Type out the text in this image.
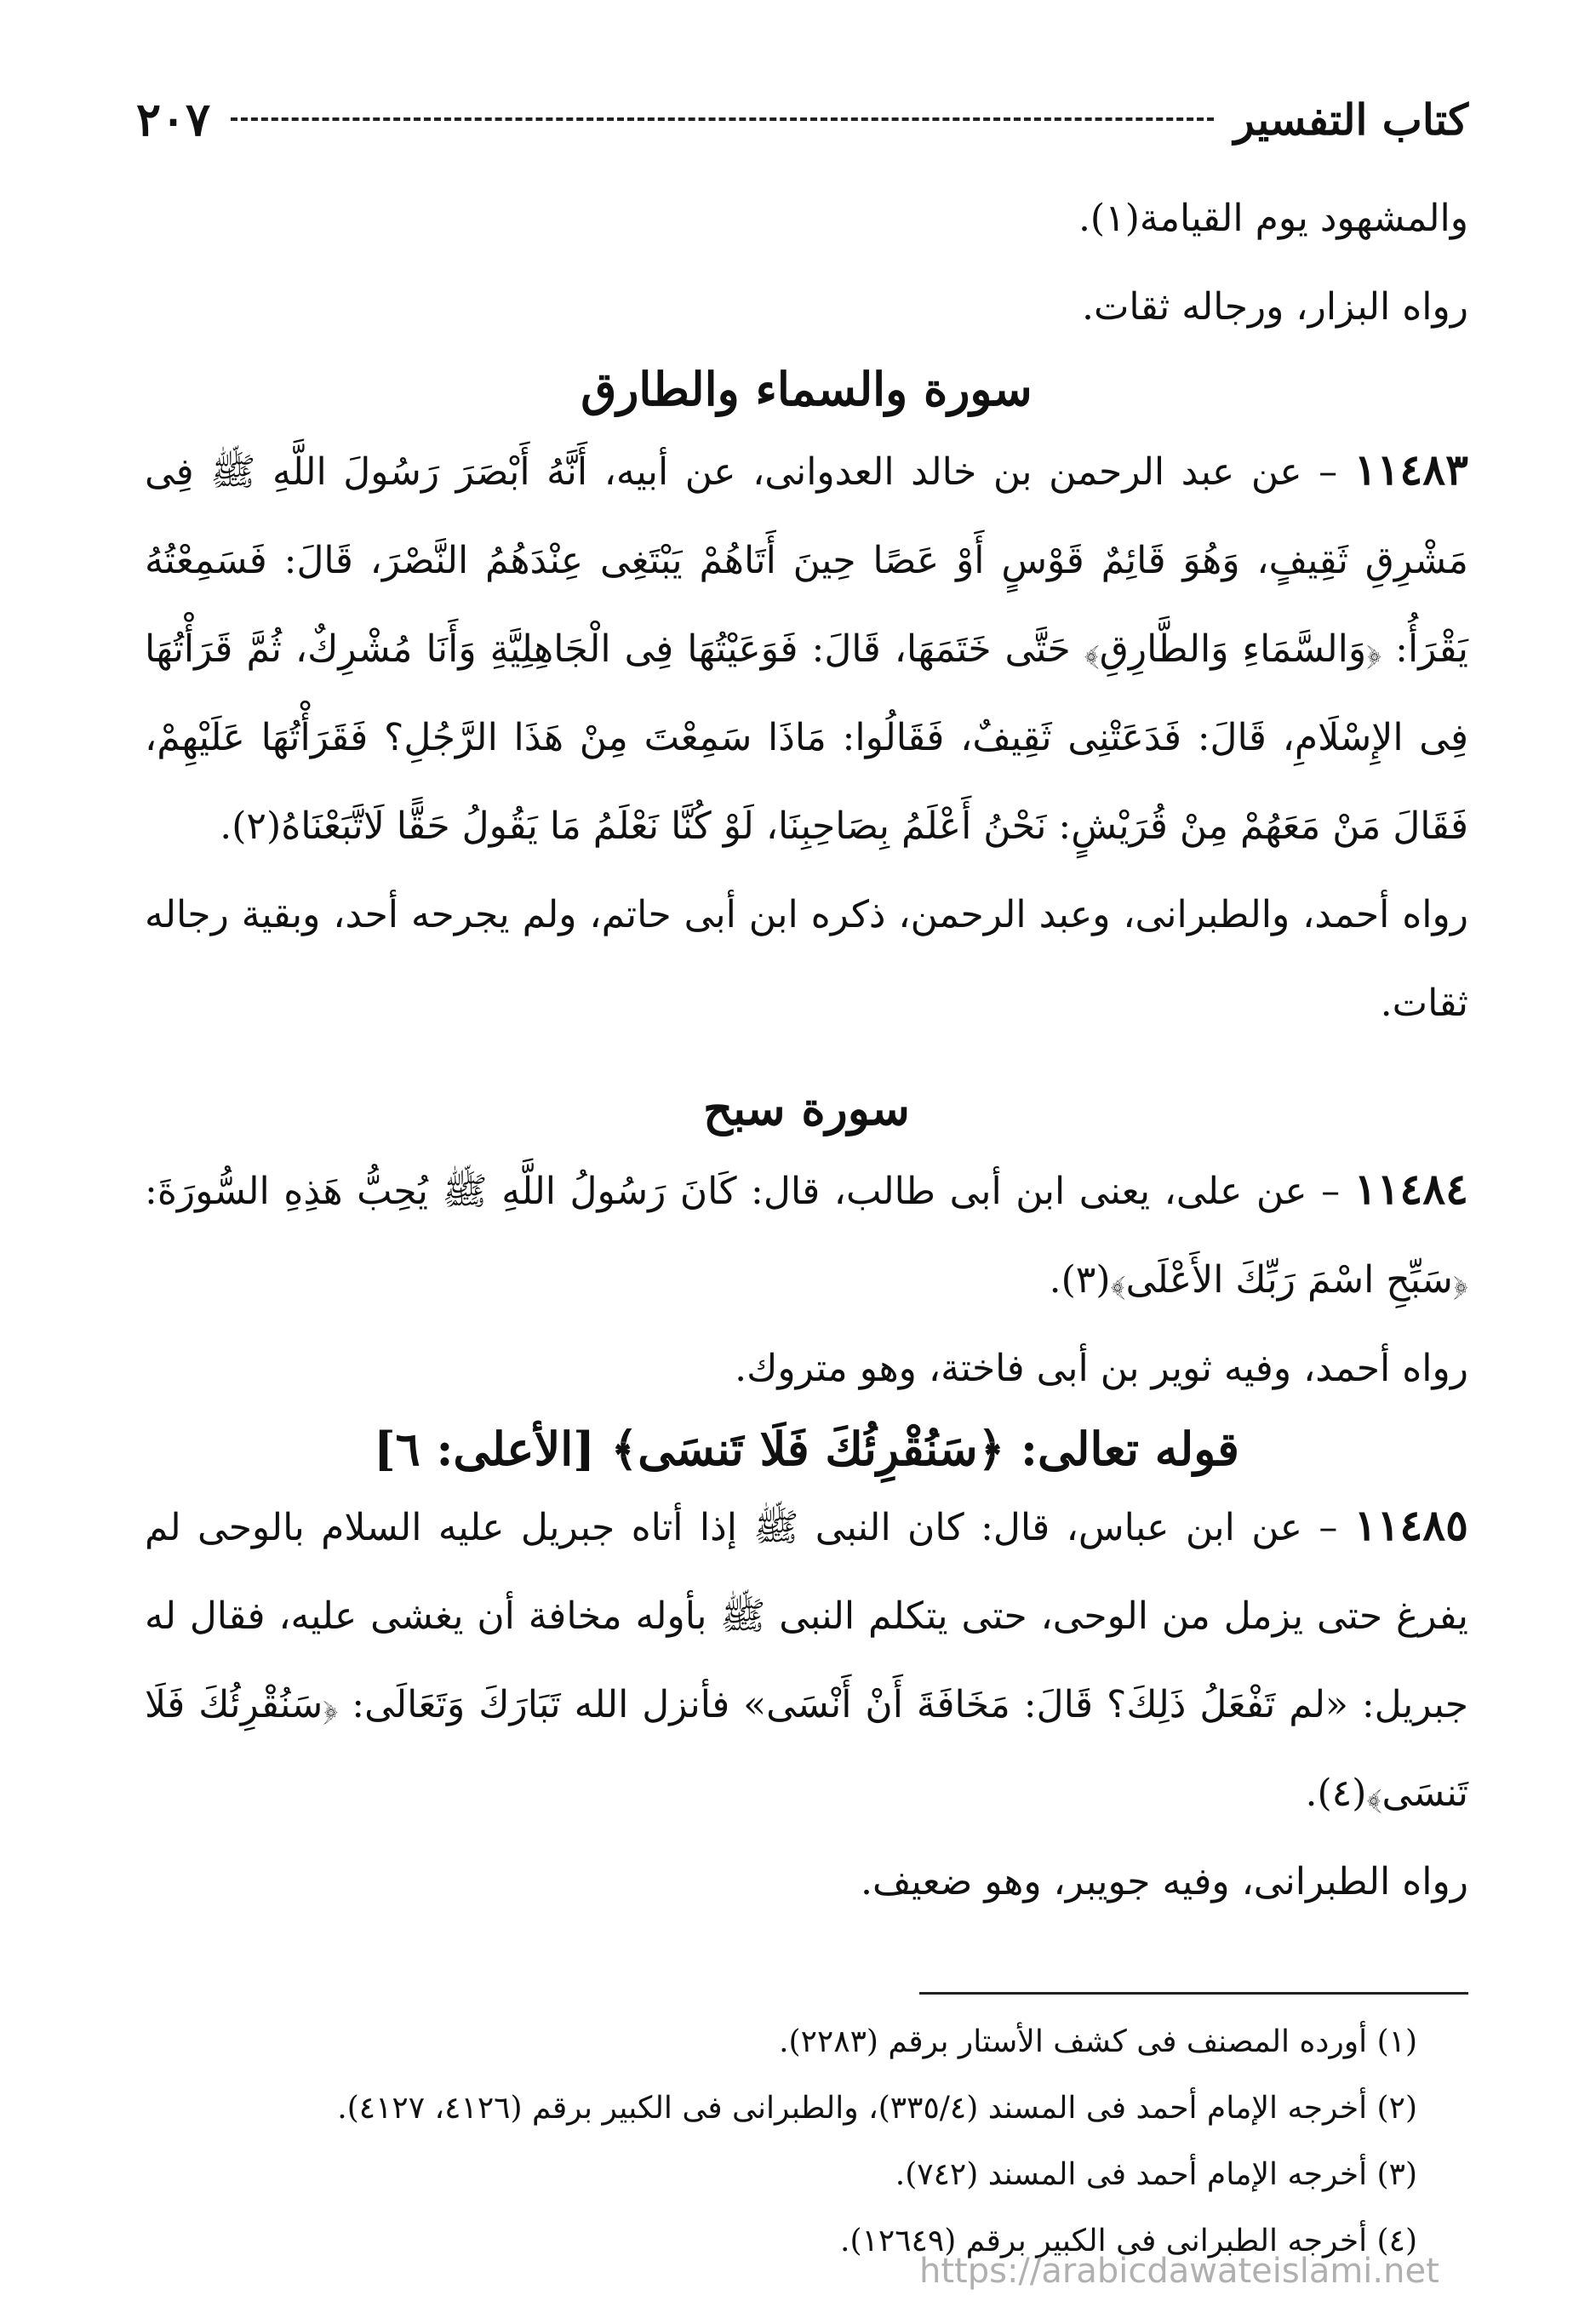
كتاب التفسير
٢٠٧

والمشهود يوم القيامة(١).

رواه البزار، ورجاله ثقات.

سورة والسماء والطارق

١١٤٨٣ – عن عبد الرحمن بن خالد العدوانى، عن أبيه، أَنَّهُ أَبْصَرَ رَسُولَ اللَّهِ ﷺ فِى مَشْرِقِ ثَقِيفٍ، وَهُوَ قَائِمٌ قَوْسٍ أَوْ عَصًا حِينَ أَتَاهُمْ يَبْتَغِى عِنْدَهُمُ النَّصْرَ، قَالَ: فَسَمِعْتُهُ يَقْرَأُ: ﴿وَالسَّمَاءِ وَالطَّارِقِ﴾ حَتَّى خَتَمَهَا، قَالَ: فَوَعَيْتُهَا فِى الْجَاهِلِيَّةِ وَأَنَا مُشْرِكٌ، ثُمَّ قَرَأْتُهَا فِى الإِسْلَامِ، قَالَ: فَدَعَتْنِى ثَقِيفٌ، فَقَالُوا: مَاذَا سَمِعْتَ مِنْ هَذَا الرَّجُلِ؟ فَقَرَأْتُهَا عَلَيْهِمْ، فَقَالَ مَنْ مَعَهُمْ مِنْ قُرَيْشٍ: نَحْنُ أَعْلَمُ بِصَاحِبِنَا، لَوْ كُنَّا نَعْلَمُ مَا يَقُولُ حَقًّا لَاتَّبَعْنَاهُ(٢).

رواه أحمد، والطبرانى، وعبد الرحمن، ذكره ابن أبى حاتم، ولم يجرحه أحد، وبقية رجاله ثقات.

سورة سبح

١١٤٨٤ – عن على، يعنى ابن أبى طالب، قال: كَانَ رَسُولُ اللَّهِ ﷺ يُحِبُّ هَذِهِ السُّورَةَ: ﴿سَبِّحِ اسْمَ رَبِّكَ الأَعْلَى﴾(٣).

رواه أحمد، وفيه ثوير بن أبى فاختة، وهو متروك.

قوله تعالى: ﴿سَنُقْرِئُكَ فَلَا تَنسَى﴾ [الأعلى: ٦]

١١٤٨٥ – عن ابن عباس، قال: كان النبى ﷺ إذا أتاه جبريل عليه السلام بالوحى لم يفرغ حتى يزمل من الوحى، حتى يتكلم النبى ﷺ بأوله مخافة أن يغشى عليه، فقال له جبريل: «لم تَفْعَلُ ذَلِكَ؟ قَالَ: مَخَافَةَ أَنْ أَنْسَى» فأنزل الله تَبَارَكَ وَتَعَالَى: ﴿سَنُقْرِئُكَ فَلَا تَنسَى﴾(٤).

رواه الطبرانى، وفيه جويبر، وهو ضعيف.

(١) أورده المصنف فى كشف الأستار برقم (٢٢٨٣).

(٢) أخرجه الإمام أحمد فى المسند (٣٣٥/٤)، والطبرانى فى الكبير برقم (٤١٢٦، ٤١٢٧).

(٣) أخرجه الإمام أحمد فى المسند (٧٤٢).

(٤) أخرجه الطبرانى فى الكبير برقم (١٢٦٤٩).

https://arabicdawateislami.net
